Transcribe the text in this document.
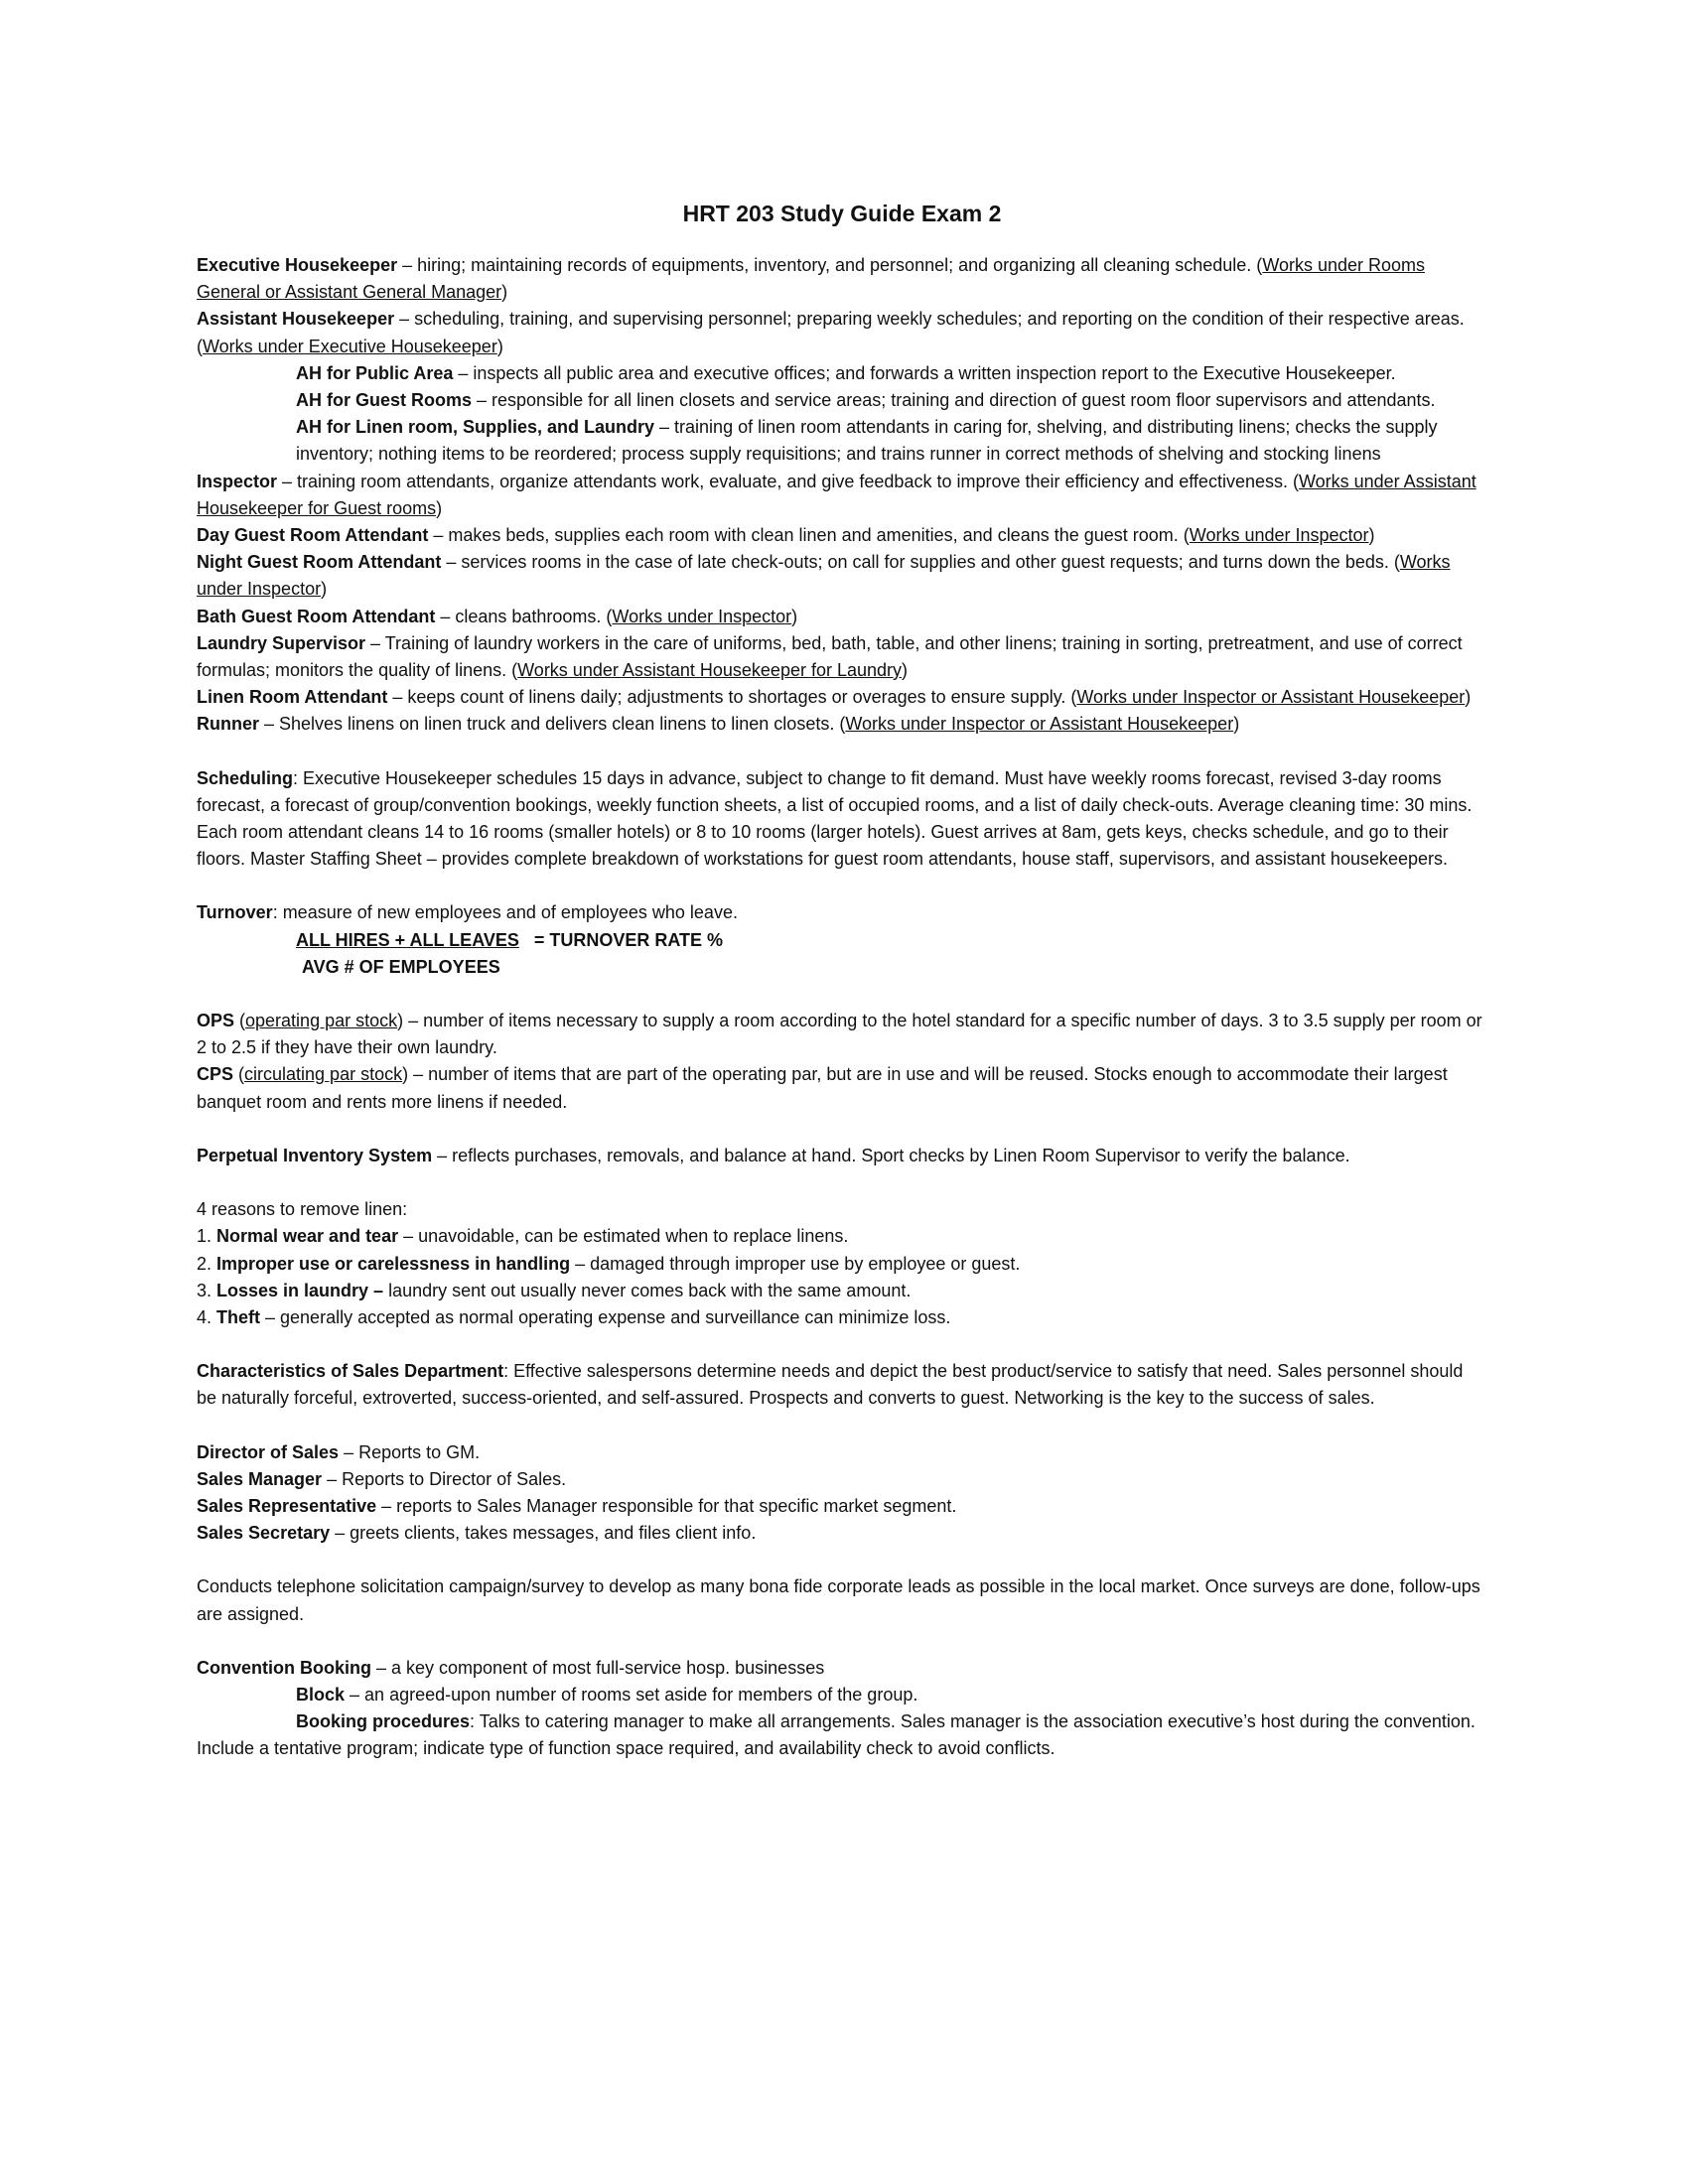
HRT 203 Study Guide Exam 2

Executive Housekeeper – hiring; maintaining records of equipments, inventory, and personnel; and organizing all cleaning schedule. (Works under Rooms General or Assistant General Manager)

Assistant Housekeeper – scheduling, training, and supervising personnel; preparing weekly schedules; and reporting on the condition of their respective areas. (Works under Executive Housekeeper)

AH for Public Area – inspects all public area and executive offices; and forwards a written inspection report to the Executive Housekeeper.

AH for Guest Rooms – responsible for all linen closets and service areas; training and direction of guest room floor supervisors and attendants.

AH for Linen room, Supplies, and Laundry – training of linen room attendants in caring for, shelving, and distributing linens; checks the supply inventory; nothing items to be reordered; process supply requisitions; and trains runner in correct methods of shelving and stocking linens

Inspector – training room attendants, organize attendants work, evaluate, and give feedback to improve their efficiency and effectiveness. (Works under Assistant Housekeeper for Guest rooms)

Day Guest Room Attendant – makes beds, supplies each room with clean linen and amenities, and cleans the guest room. (Works under Inspector)

Night Guest Room Attendant – services rooms in the case of late check-outs; on call for supplies and other guest requests; and turns down the beds. (Works under Inspector)

Bath Guest Room Attendant – cleans bathrooms. (Works under Inspector)

Laundry Supervisor – Training of laundry workers in the care of uniforms, bed, bath, table, and other linens; training in sorting, pretreatment, and use of correct formulas; monitors the quality of linens. (Works under Assistant Housekeeper for Laundry)

Linen Room Attendant – keeps count of linens daily; adjustments to shortages or overages to ensure supply. (Works under Inspector or Assistant Housekeeper)

Runner – Shelves linens on linen truck and delivers clean linens to linen closets. (Works under Inspector or Assistant Housekeeper)

Scheduling: Executive Housekeeper schedules 15 days in advance, subject to change to fit demand. Must have weekly rooms forecast, revised 3-day rooms forecast, a forecast of group/convention bookings, weekly function sheets, a list of occupied rooms, and a list of daily check-outs. Average cleaning time: 30 mins. Each room attendant cleans 14 to 16 rooms (smaller hotels) or 8 to 10 rooms (larger hotels). Guest arrives at 8am, gets keys, checks schedule, and go to their floors. Master Staffing Sheet – provides complete breakdown of workstations for guest room attendants, house staff, supervisors, and assistant housekeepers.

Turnover: measure of new employees and of employees who leave.

ALL HIRES + ALL LEAVES   = TURNOVER RATE %

AVG # OF EMPLOYEES

OPS (operating par stock) – number of items necessary to supply a room according to the hotel standard for a specific number of days. 3 to 3.5 supply per room or 2 to 2.5 if they have their own laundry.

CPS (circulating par stock) – number of items that are part of the operating par, but are in use and will be reused. Stocks enough to accommodate their largest banquet room and rents more linens if needed.

Perpetual Inventory System – reflects purchases, removals, and balance at hand. Sport checks by Linen Room Supervisor to verify the balance.

4 reasons to remove linen:

1. Normal wear and tear – unavoidable, can be estimated when to replace linens.

2. Improper use or carelessness in handling – damaged through improper use by employee or guest.

3. Losses in laundry – laundry sent out usually never comes back with the same amount.

4. Theft – generally accepted as normal operating expense and surveillance can minimize loss.

Characteristics of Sales Department: Effective salespersons determine needs and depict the best product/service to satisfy that need. Sales personnel should be naturally forceful, extroverted, success-oriented, and self-assured. Prospects and converts to guest. Networking is the key to the success of sales.

Director of Sales – Reports to GM.

Sales Manager – Reports to Director of Sales.

Sales Representative – reports to Sales Manager responsible for that specific market segment.

Sales Secretary – greets clients, takes messages, and files client info.

Conducts telephone solicitation campaign/survey to develop as many bona fide corporate leads as possible in the local market. Once surveys are done, follow-ups are assigned.

Convention Booking – a key component of most full-service hosp. businesses

Block – an agreed-upon number of rooms set aside for members of the group.

Booking procedures: Talks to catering manager to make all arrangements. Sales manager is the association executive’s host during the convention. Include a tentative program; indicate type of function space required, and availability check to avoid conflicts.
